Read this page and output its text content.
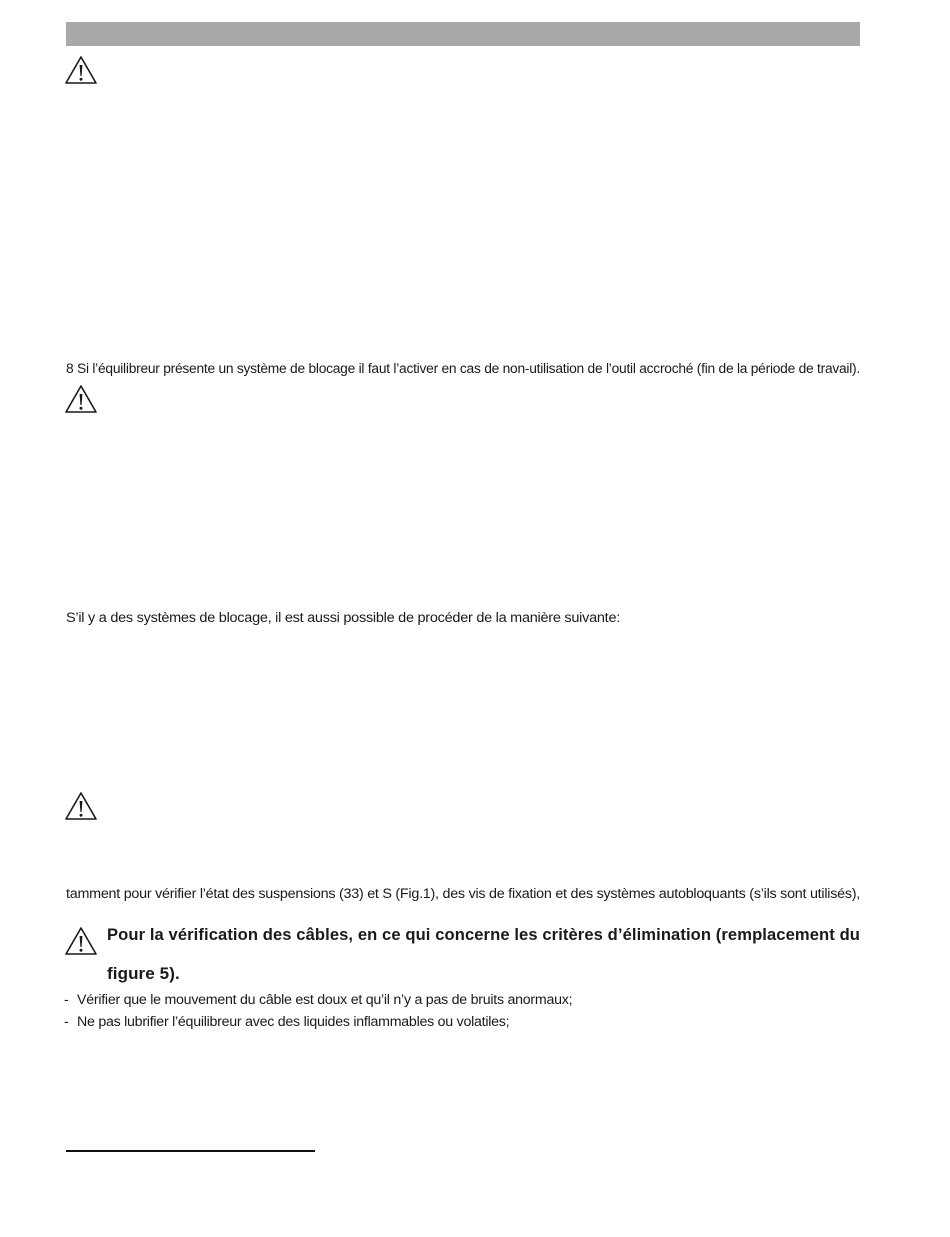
8 Si l’équilibreur présente un système de blocage il faut l’activer en cas de non-utilisation de l’outil accroché (fin de la période de travail).
S’il y a des systèmes de blocage, il est aussi possible de procéder de la manière suivante:
tamment pour vérifier l’état des suspensions (33) et S (Fig.1), des vis de fixation et des systèmes autobloquants (s’ils sont utilisés),
Pour la vérification des câbles, en ce qui concerne les critères d’élimination (remplacement du
figure 5).
- Vérifier que le mouvement du câble est doux et qu’il n’y a pas de bruits anormaux;
- Ne pas lubrifier l’équilibreur avec des liquides inflammables ou volatiles;
